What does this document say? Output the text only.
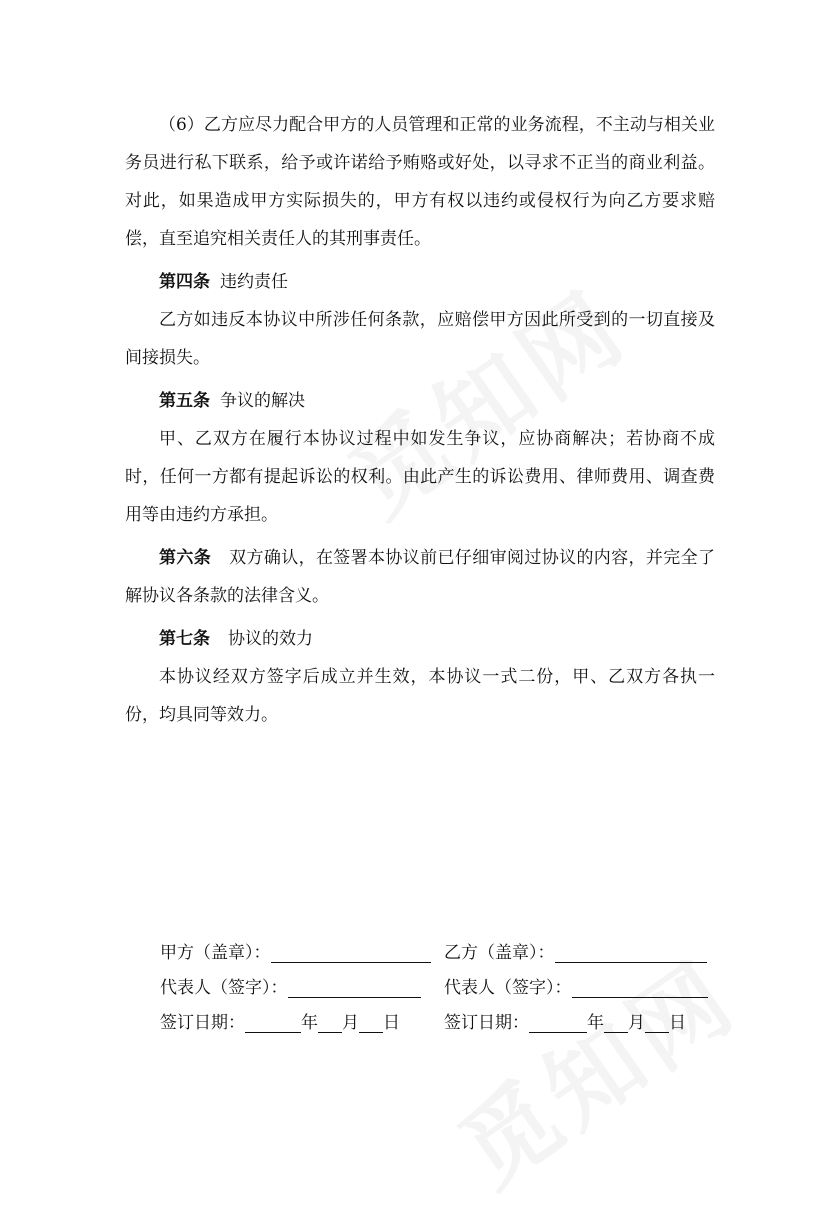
（6）乙方应尽力配合甲方的人员管理和正常的业务流程，不主动与相关业务员进行私下联系，给予或许诺给予贿赂或好处，以寻求不正当的商业利益。对此，如果造成甲方实际损失的，甲方有权以违约或侵权行为向乙方要求赔偿，直至追究相关责任人的其刑事责任。

第四条 违约责任

乙方如违反本协议中所涉任何条款，应赔偿甲方因此所受到的一切直接及间接损失。

第五条 争议的解决

甲、乙双方在履行本协议过程中如发生争议，应协商解决；若协商不成时，任何一方都有提起诉讼的权利。由此产生的诉讼费用、律师费用、调查费用等由违约方承担。

第六条 双方确认，在签署本协议前已仔细审阅过协议的内容，并完全了解协议各条款的法律含义。

第七条 协议的效力

本协议经双方签字后成立并生效，本协议一式二份，甲、乙双方各执一份，均具同等效力。

甲方（盖章）：	乙方（盖章）：
代表人（签字）：	代表人（签字）：
签订日期：	年 月 日	签订日期：	年 月 日
